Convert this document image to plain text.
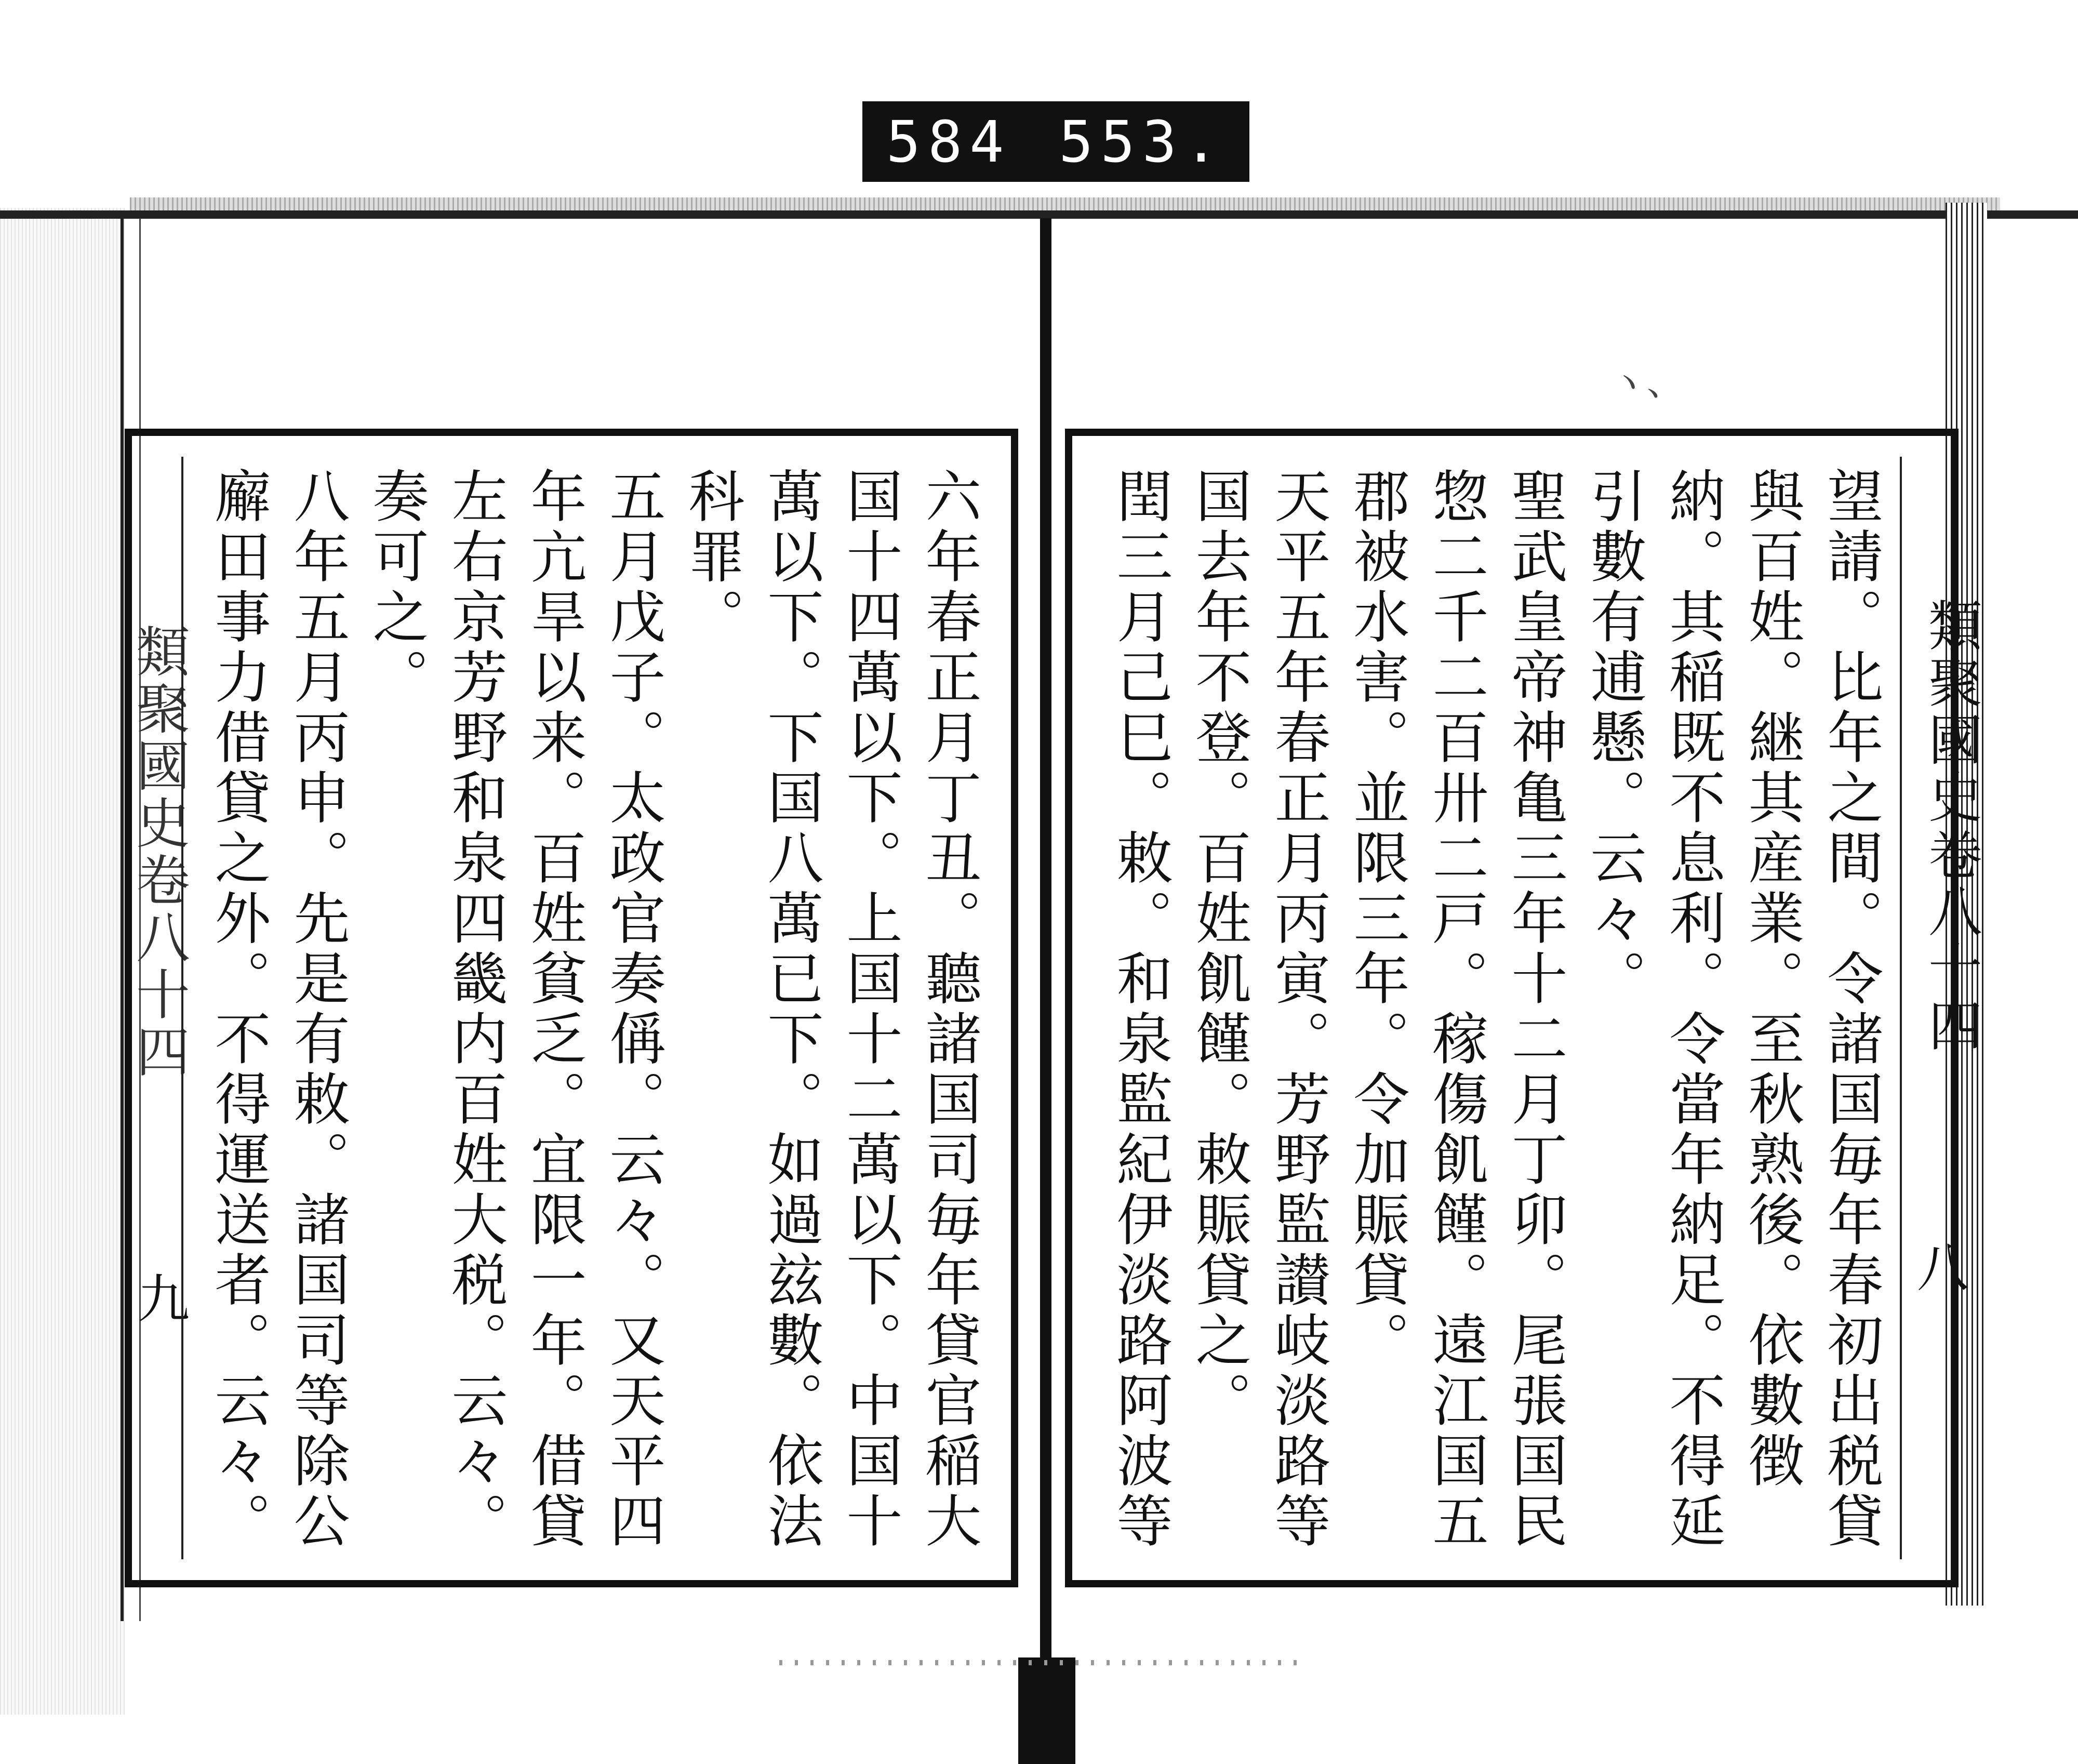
584 553.
ヽ、
類聚國史卷八十四
八
望請。比年之間。令諸国毎年春初出税貸與百姓。継其産業。至秋熟後。依數徴納。其稲既不息利。令當年納足。不得延引數有逋懸。云々。
聖武皇帝神亀三年十二月丁卯。尾張国民惣二千二百卅二戸。稼傷飢饉。遠江国五郡被水害。並限三年。令加賑貸。
天平五年春正月丙寅。芳野監讃岐淡路等国去年不登。百姓飢饉。敕賑貸之。
閏三月己巳。敕。和泉監紀伊淡路阿波等
類聚國史卷八十四
九	六年春正月丁丑。聽諸国司毎年貸官稲大国十四萬以下。上国十二萬以下。中国十萬以下。下国八萬已下。如過玆數。依法科罪。
五月戊子。太政官奏偁。云々。又天平四年亢旱以来。百姓貧乏。宜限一年。借貸左右京芳野和泉四畿内百姓大税。云々。奏可之。
八年五月丙申。先是有敕。諸国司等除公廨田事力借貸之外。不得運送者。云々。
